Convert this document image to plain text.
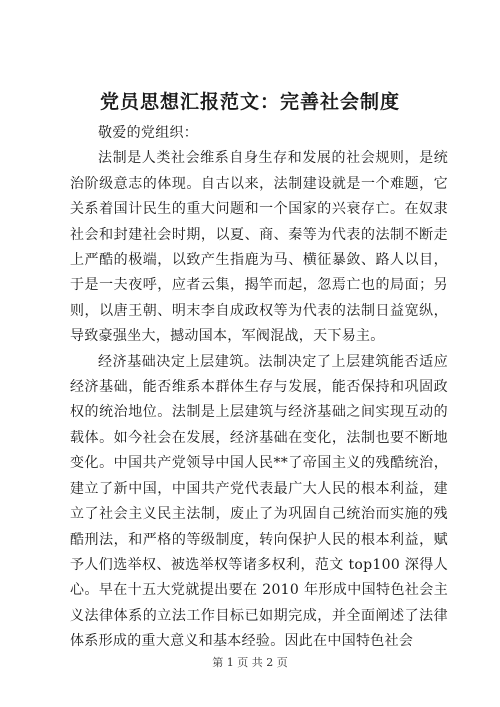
党员思想汇报范文：完善社会制度

敬爱的党组织：

法制是人类社会维系自身生存和发展的社会规则，是统治阶级意志的体现。自古以来，法制建设就是一个难题，它关系着国计民生的重大问题和一个国家的兴衰存亡。在奴隶社会和封建社会时期，以夏、商、秦等为代表的法制不断走上严酷的极端，以致产生指鹿为马、横征暴敛、路人以目，于是一夫夜呼，应者云集，揭竿而起，忽焉亡也的局面；另则，以唐王朝、明末李自成政权等为代表的法制日益宽纵，导致豪强坐大，撼动国本，军阀混战，天下易主。

经济基础决定上层建筑。法制决定了上层建筑能否适应经济基础，能否维系本群体生存与发展，能否保持和巩固政权的统治地位。法制是上层建筑与经济基础之间实现互动的载体。如今社会在发展，经济基础在变化，法制也要不断地变化。中国共产党领导中国人民**了帝国主义的残酷统治，建立了新中国，中国共产党代表最广大人民的根本利益，建立了社会主义民主法制，废止了为巩固自己统治而实施的残酷刑法，和严格的等级制度，转向保护人民的根本利益，赋予人们选举权、被选举权等诸多权利，范文 top100 深得人心。早在十五大党就提出要在 2010 年形成中国特色社会主义法律体系的立法工作目标已如期完成，并全面阐述了法律体系形成的重大意义和基本经验。因此在中国特色社会

第 1 页 共 2 页
